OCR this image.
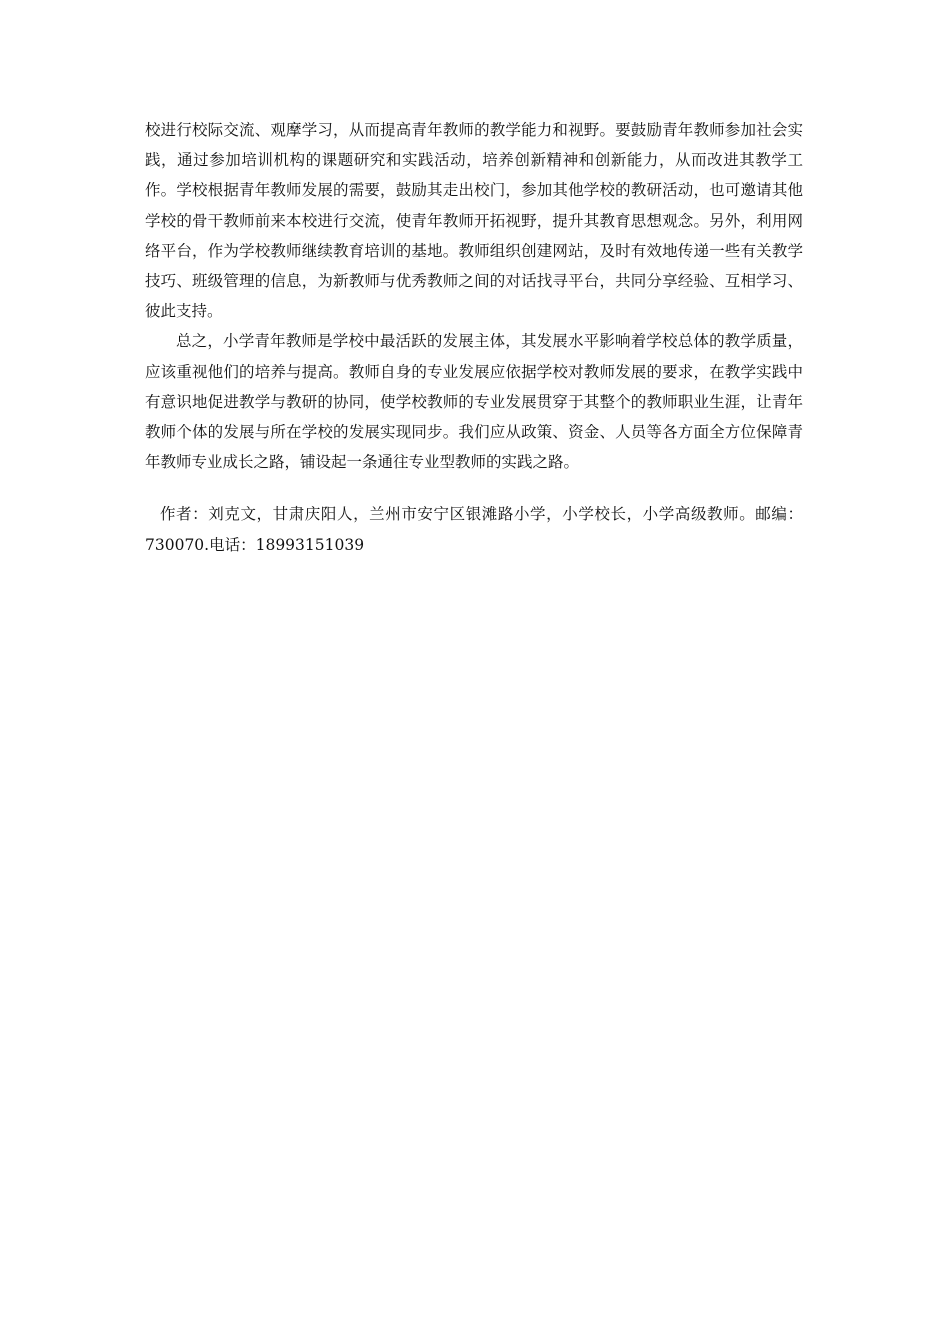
校进行校际交流、观摩学习，从而提高青年教师的教学能力和视野。要鼓励青年教师参加社会实践，通过参加培训机构的课题研究和实践活动，培养创新精神和创新能力，从而改进其教学工作。学校根据青年教师发展的需要，鼓励其走出校门，参加其他学校的教研活动，也可邀请其他学校的骨干教师前来本校进行交流，使青年教师开拓视野，提升其教育思想观念。另外，利用网络平台，作为学校教师继续教育培训的基地。教师组织创建网站，及时有效地传递一些有关教学技巧、班级管理的信息，为新教师与优秀教师之间的对话找寻平台，共同分享经验、互相学习、彼此支持。

总之，小学青年教师是学校中最活跃的发展主体，其发展水平影响着学校总体的教学质量，应该重视他们的培养与提高。教师自身的专业发展应依据学校对教师发展的要求，在教学实践中有意识地促进教学与教研的协同，使学校教师的专业发展贯穿于其整个的教师职业生涯，让青年教师个体的发展与所在学校的发展实现同步。我们应从政策、资金、人员等各方面全方位保障青年教师专业成长之路，铺设起一条通往专业型教师的实践之路。

作者：刘克文，甘肃庆阳人，兰州市安宁区银滩路小学，小学校长，小学高级教师。邮编：730070.电话：18993151039
